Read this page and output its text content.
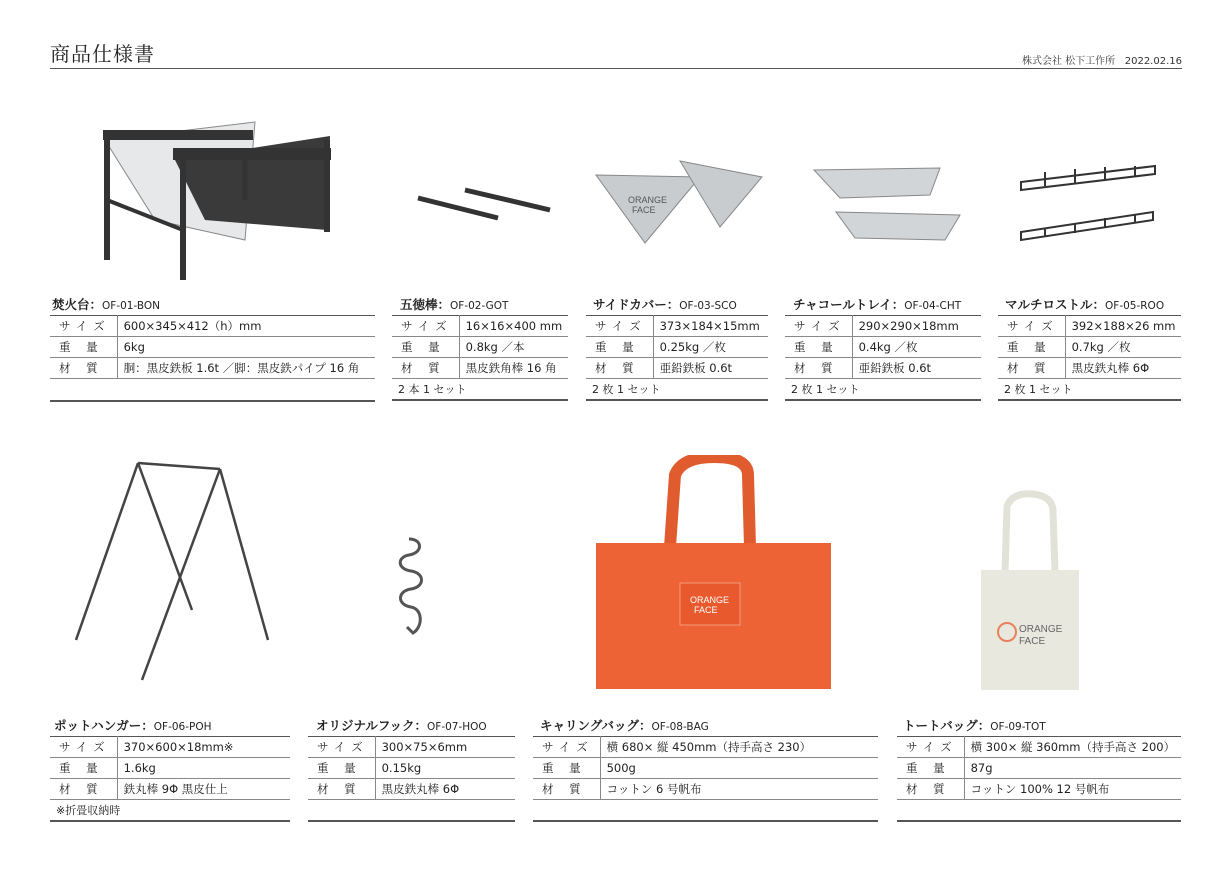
商品仕様書	株式会社 松下工作所 2022.02.16
ORANGE
FACE
ORANGE
FACE
ORANGE
FACE
焚火台：OF-01-BON
サイズ	600×345×412（h）mm
重 量	6kg
材 質	胴：黒皮鉄板 1.6t ／脚：黒皮鉄パイプ 16 角

五徳棒：OF-02-GOT
サイズ	16×16×400 mm
重 量	0.8kg ／本
材 質	黒皮鉄角棒 16 角
2 本 1 セット	
サイドカバー：OF-03-SCO
サイズ	373×184×15mm
重 量	0.25kg ／枚
材 質	亜鉛鉄板 0.6t
2 枚 1 セット	
チャコールトレイ：OF-04-CHT
サイズ	290×290×18mm
重 量	0.4kg ／枚
材 質	亜鉛鉄板 0.6t
2 枚 1 セット	
マルチロストル：OF-05-ROO
サイズ	392×188×26 mm
重 量	0.7kg ／枚
材 質	黒皮鉄丸棒 6Φ
2 枚 1 セット	
ポットハンガー：OF-06-POH
サイズ	370×600×18mm※
重 量	1.6kg
材 質	鉄丸棒 9Φ 黒皮仕上
※折畳収納時	
オリジナルフック：OF-07-HOO
サイズ	300×75×6mm
重 量	0.15kg
材 質	黒皮鉄丸棒 6Φ

キャリングバッグ：OF-08-BAG
サイズ	横 680× 縦 450mm（持手高さ 230）
重 量	500g
材 質	コットン 6 号帆布

トートバッグ：OF-09-TOT
サイズ	横 300× 縦 360mm（持手高さ 200）
重 量	87g
材 質	コットン 100% 12 号帆布
